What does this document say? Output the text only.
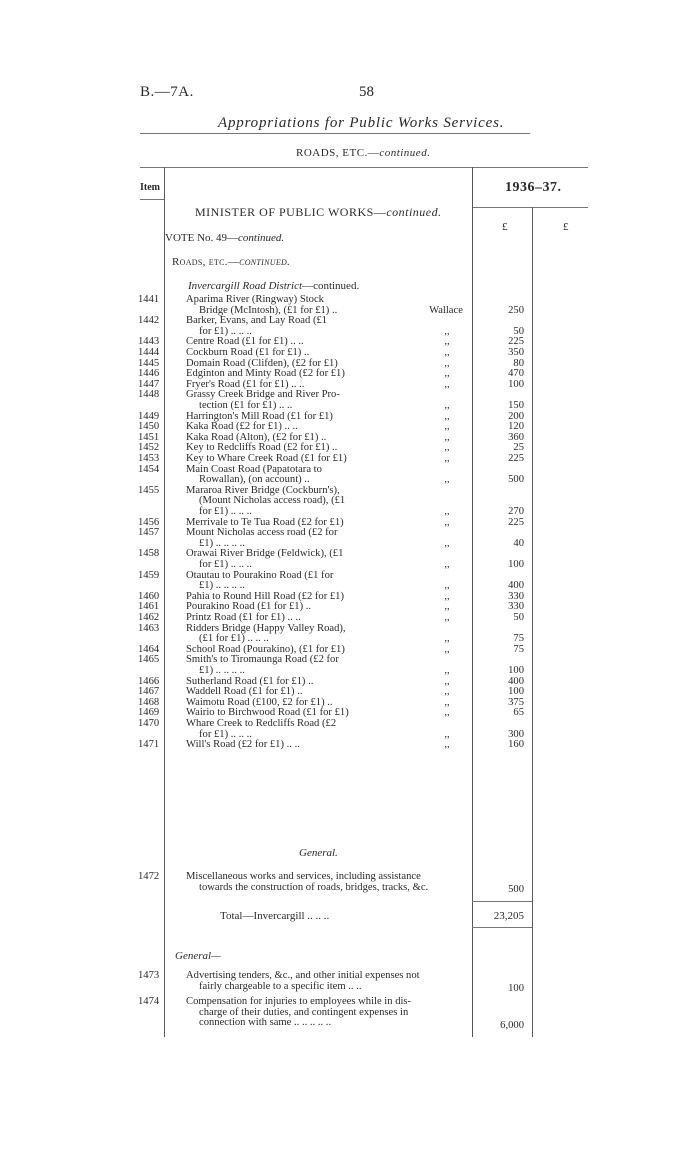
B.—7A.	58
Appropriations for Public Works Services.
ROADS, ETC.—continued.
Item	1936–37.
£	£
MINISTER OF PUBLIC WORKS—continued.
VOTE No. 49—continued.
Roads, etc.—continued.
Invercargill Road District—continued.
1441	Aparima River (Ringway) Stock
Bridge (McIntosh), (£1 for £1) ..	Wallace	250
1442	Barker, Evans, and Lay Road (£1
for £1) .. .. ..	,,	50
1443	Centre Road (£1 for £1) .. ..	,,	225
1444	Cockburn Road (£1 for £1) ..	,,	350
1445	Domain Road (Clifden), (£2 for £1)	,,	80
1446	Edginton and Minty Road (£2 for £1)	,,	470
1447	Fryer's Road (£1 for £1) .. ..	,,	100
1448	Grassy Creek Bridge and River Pro-
tection (£1 for £1) .. ..	,,	150
1449	Harrington's Mill Road (£1 for £1)	,,	200
1450	Kaka Road (£2 for £1) .. ..	,,	120
1451	Kaka Road (Alton), (£2 for £1) ..	,,	360
1452	Key to Redcliffs Road (£2 for £1) ..	,,	25
1453	Key to Whare Creek Road (£1 for £1)	,,	225
1454	Main Coast Road (Papatotara to
Rowallan), (on account) ..	,,	500
1455	Mararoa River Bridge (Cockburn's),
(Mount Nicholas access road), (£1
for £1) .. .. ..	,,	270
1456	Merrivale to Te Tua Road (£2 for £1)	,,	225
1457	Mount Nicholas access road (£2 for
£1) .. .. .. ..	,,	40
1458	Orawai River Bridge (Feldwick), (£1
for £1) .. .. ..	,,	100
1459	Otautau to Pourakino Road (£1 for
£1) .. .. .. ..	,,	400
1460	Pahia to Round Hill Road (£2 for £1)	,,	330
1461	Pourakino Road (£1 for £1) ..	,,	330
1462	Printz Road (£1 for £1) .. ..	,,	50
1463	Ridders Bridge (Happy Valley Road),
(£1 for £1) .. .. ..	,,	75
1464	School Road (Pourakino), (£1 for £1)	,,	75
1465	Smith's to Tiromaunga Road (£2 for
£1) .. .. .. ..	,,	100
1466	Sutherland Road (£1 for £1) ..	,,	400
1467	Waddell Road (£1 for £1) ..	,,	100
1468	Waimotu Road (£100, £2 for £1) ..	,,	375
1469	Wairio to Birchwood Road (£1 for £1)	,,	65
1470	Whare Creek to Redcliffs Road (£2
for £1) .. .. ..	,,	300
1471	Will's Road (£2 for £1) .. ..	,,	160
General.
1472	Miscellaneous works and services, including assistance
towards the construction of roads, bridges, tracks, &c.	500
Total—Invercargill .. .. ..	23,205
General—
1473	Advertising tenders, &c., and other initial expenses not
fairly chargeable to a specific item .. ..	100
1474	Compensation for injuries to employees while in dis-
charge of their duties, and contingent expenses in
connection with same .. .. .. .. ..	6,000
